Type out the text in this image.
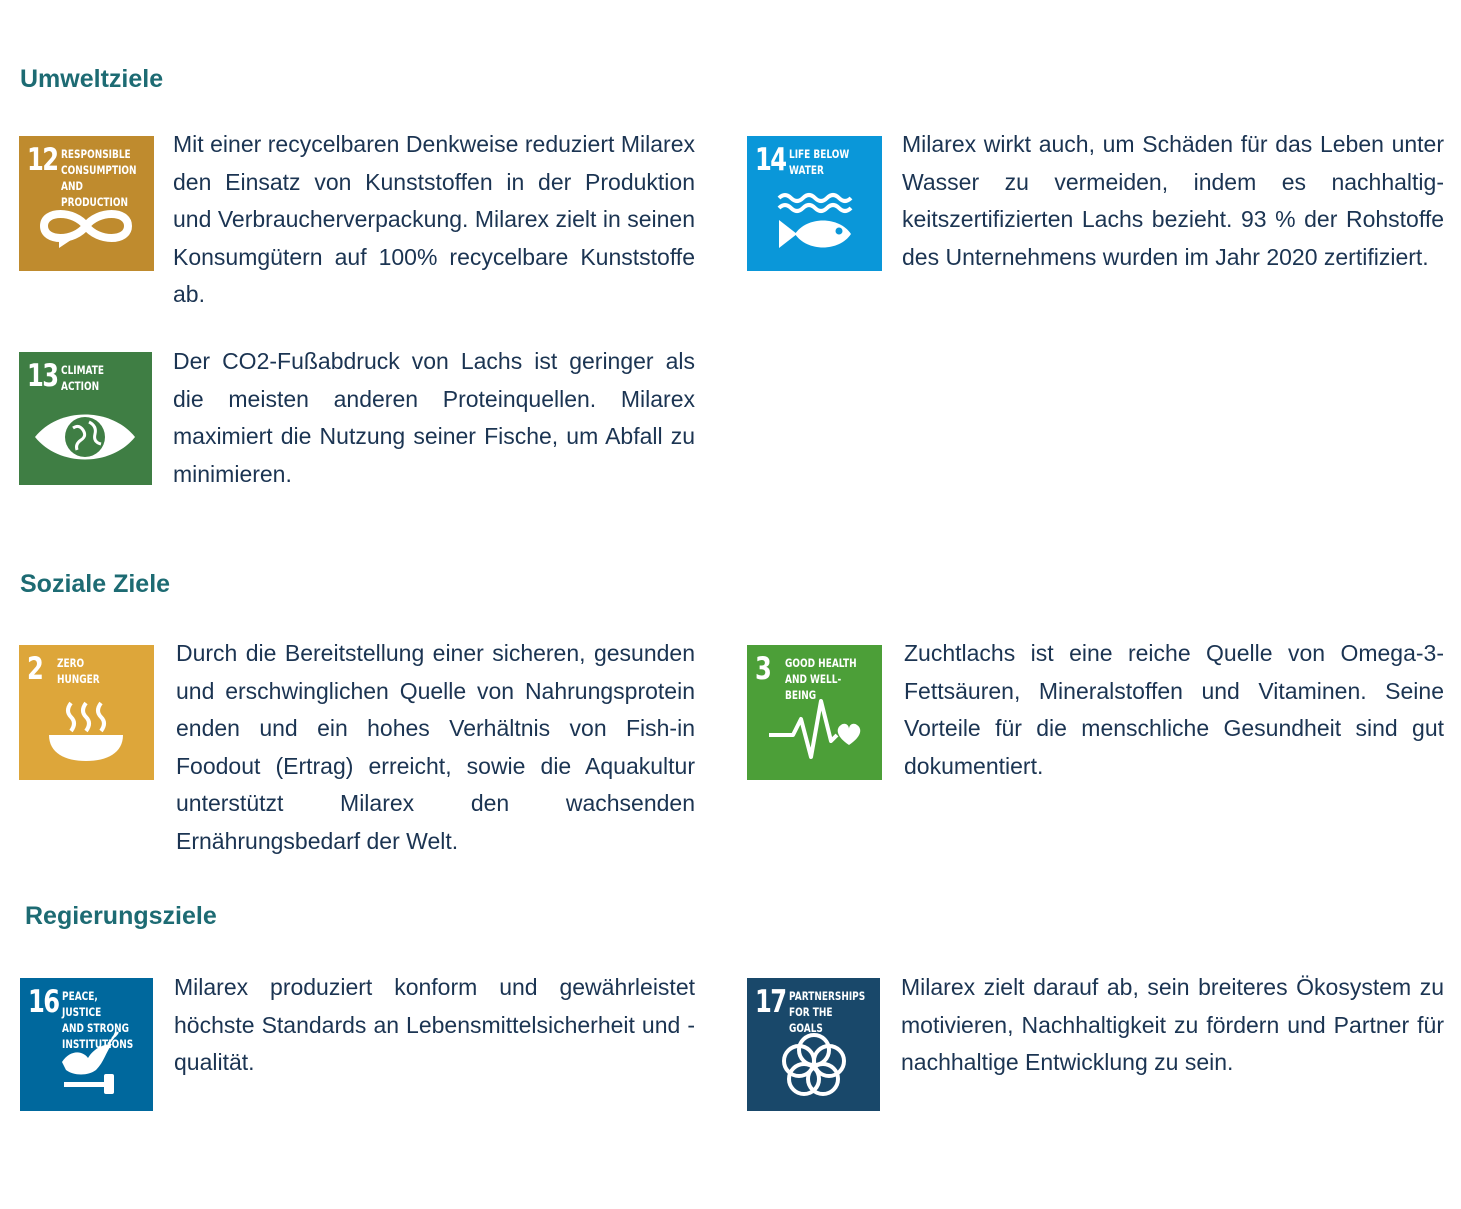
Umweltziele
12 RESPONSIBLE
CONSUMPTION
AND PRODUCTION

Mit einer recycelbaren Denkweise reduziert Milarex den Einsatz von Kunststoffen in der Produktion und Verbraucherverpackung. Milarex zielt in seinen Konsumgütern auf 100% recycelbare Kunststoffe ab.

14 LIFE BELOW
WATER

Milarex wirkt auch, um Schäden für das Leben unter Wasser zu vermeiden, indem es nachhaltigkeitszertifizierten Lachs bezieht. 93 % der Rohstoffe des Unternehmens wurden im Jahr 2020 zertifiziert.

13 CLIMATE
ACTION

Der CO2-Fußabdruck von Lachs ist geringer als die meisten anderen Proteinquellen. Milarex maximiert die Nutzung seiner Fische, um Abfall zu minimieren.

Soziale Ziele
2 ZERO
HUNGER

Durch die Bereitstellung einer sicheren, gesunden und erschwinglichen Quelle von Nahrungsprotein enden und ein hohes Verhältnis von Fish-in Foodout (Ertrag) erreicht, sowie die Aquakultur unterstützt Milarex den wachsenden Ernährungsbedarf der Welt.

3 GOOD HEALTH
AND WELL-BEING

Zuchtlachs ist eine reiche Quelle von Omega-3-Fettsäuren, Mineralstoffen und Vitaminen. Seine Vorteile für die menschliche Gesundheit sind gut dokumentiert.

Regierungsziele
16 PEACE, JUSTICE
AND STRONG
INSTITUTIONS

Milarex produziert konform und gewährleistet höchste Standards an Lebensmittelsicherheit und -qualität.

17 PARTNERSHIPS
FOR THE GOALS

Milarex zielt darauf ab, sein breiteres Ökosystem zu motivieren, Nachhaltigkeit zu fördern und Partner für nachhaltige Entwicklung zu sein.
